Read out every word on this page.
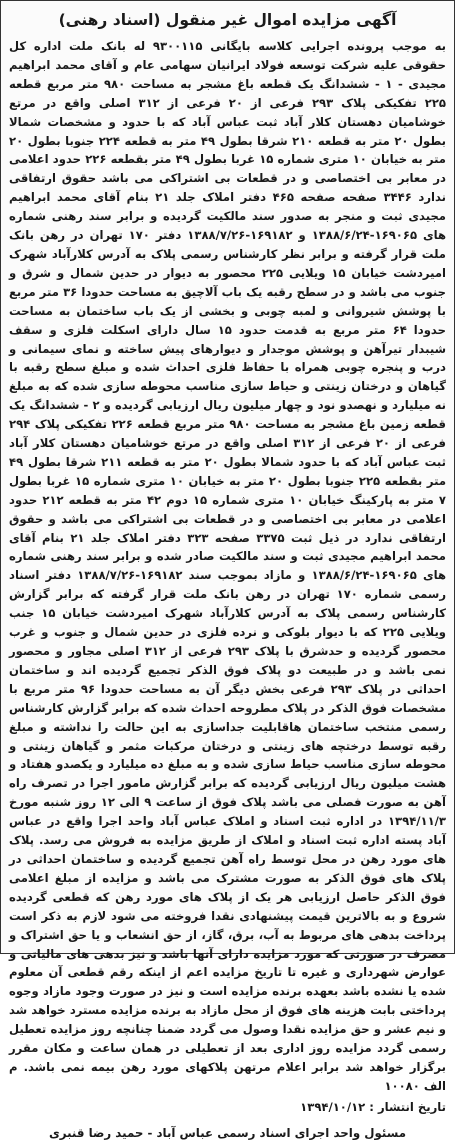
آگهی مزایده اموال غیر منقول (اسناد رهنی)

به موجب پرونده اجرایی کلاسه بایگانی ۹۳۰۰۱۱۵ له بانک ملت اداره کل حقوقی علیه شرکت توسعه فولاد ایرانیان سهامی عام و آقای محمد ابراهیم مجیدی - ۱ - ششدانگ یک قطعه باغ مشجر به مساحت ۹۸۰ متر مربع قطعه ۲۲۵ تفکیکی پلاک ۲۹۳ فرعی از ۲۰ فرعی از ۳۱۲ اصلی واقع در مرتع خوشامیان دهستان کلار آباد ثبت عباس آباد که با حدود و مشخصات شمالا بطول ۲۰ متر به قطعه ۲۱۰ شرقا بطول ۴۹ متر به قطعه ۲۲۴ جنوبا بطول ۲۰ متر به خیابان ۱۰ متری شماره ۱۵ غربا بطول ۴۹ متر بقطعه ۲۲۶ حدود اعلامی در معابر بی اختصاصی و در قطعات بی اشتراکی می باشد حقوق ارتفاقی ندارد ۳۴۴۶ صفحه صفحه ۴۶۵ دفتر املاک جلد ۲۱ بنام آقای محمد ابراهیم مجیدی ثبت و منجر به صدور سند مالکیت گردیده و برابر سند رهنی شماره های ۱۶۹۰۶۵-۱۳۸۸/۶/۲۴ و ۱۶۹۱۸۲-۱۳۸۸/۷/۲۶ دفتر ۱۷۰ تهران در رهن بانک ملت قرار گرفته و برابر نظر کارشناس رسمی پلاک به آدرس کلارآباد شهرک امیردشت خیابان ۱۵ ویلایی ۲۲۵ محصور به دیوار در حدین شمال و شرق و جنوب می باشد و در سطح رقبه یک باب آلاچیق به مساحت حدودا ۳۶ متر مربع با پوشش شیروانی و لمبه چوبی و بخشی از یک باب ساختمان به مساحت حدودا ۶۴ متر مربع به قدمت حدود ۱۵ سال دارای اسکلت فلزی و سقف شیبدار تیرآهن و پوشش موجدار و دیوارهای پیش ساخته و نمای سیمانی و درب و پنجره چوبی همراه با حفاظ فلزی احداث شده و مبلغ سطح رقبه با گیاهان و درختان زینتی و حیاط سازی مناسب محوطه سازی شده که به مبلغ نه میلیارد و نهصدو نود و چهار میلیون ریال ارزیابی گردیده و ۲ - ششدانگ یک قطعه زمین باغ مشجر به مساحت ۹۸۰ متر مربع قطعه ۲۲۶ تفکیکی پلاک ۲۹۴ فرعی از ۲۰ فرعی از ۳۱۲ اصلی واقع در مرتع خوشامیان دهستان کلار آباد ثبت عباس آباد که با حدود شمالا بطول ۲۰ متر به قطعه ۲۱۱ شرقا بطول ۴۹ متر بقطعه ۲۲۵ جنوبا بطول ۲۰ متر به خیابان ۱۰ متری شماره ۱۵ غربا بطول ۷ متر به پارکینگ خیابان ۱۰ متری شماره ۱۵ دوم ۴۲ متر به قطعه ۲۱۲ حدود اعلامی در معابر بی اختصاصی و در قطعات بی اشتراکی می باشد و حقوق ارتفاقی ندارد در ذیل ثبت ۳۳۷۵ صفحه ۳۲۳ دفتر املاک جلد ۲۱ بنام آقای محمد ابراهیم مجیدی ثبت و سند مالکیت صادر شده و برابر سند رهنی شماره های ۱۶۹۰۶۵-۱۳۸۸/۶/۲۴ و مازاد بموجب سند ۱۶۹۱۸۲-۱۳۸۸/۷/۲۶ دفتر اسناد رسمی شماره ۱۷۰ تهران در رهن بانک ملت قرار گرفته که برابر گزارش کارشناس رسمی پلاک به آدرس کلارآباد شهرک امیردشت خیابان ۱۵ جنب ویلایی ۲۲۵ که با دیوار بلوکی و نرده فلزی در حدین شمال و جنوب و غرب محصور گردیده و حدشرق با پلاک ۲۹۳ فرعی از ۳۱۲ اصلی مجاور و محصور نمی باشد و در طبیعت دو پلاک فوق الذکر تجمیع گردیده اند و ساختمان احداثی در پلاک ۲۹۳ فرعی بخش دیگر آن به مساحت حدودا ۹۶ متر مربع با مشخصات فوق الذکر در پلاک مطروحه احداث شده که برابر گزارش کارشناس رسمی منتخب ساختمان هاقابلیت جداسازی به این حالت را نداشته و مبلغ رقبه توسط درختچه های زینتی و درختان مرکبات مثمر و گیاهان زینتی و محوطه سازی مناسب حیاط سازی شده و به مبلغ ده میلیارد و یکصدو هفتاد و هشت میلیون ریال ارزیابی گردیده که برابر گزارش مامور اجرا در تصرف راه آهن به صورت فصلی می باشد پلاک فوق از ساعت ۹ الی ۱۲ روز شنبه مورخ ۱۳۹۴/۱۱/۳ در اداره ثبت اسناد و املاک عباس آباد واحد اجرا واقع در عباس آباد پسته اداره ثبت اسناد و املاک از طریق مزایده به فروش می رسد. پلاک های مورد رهن در محل توسط راه آهن تجمیع گردیده و ساختمان احداثی در پلاک های فوق الذکر به صورت مشترک می باشد و مزایده از مبلغ اعلامی فوق الذکر حاصل ارزیابی هر یک از پلاک های مورد رهن که قطعی گردیده شروع و به بالاترین قیمت پیشنهادی نقدا فروخته می شود لازم به ذکر است پرداخت بدهی های مربوط به آب، برق، گاز، از حق انشعاب و یا حق اشتراک و مصرف در صورتی که مورد مزایده دارای آنها باشد و نیز بدهی های مالیاتی و عوارض شهرداری و غیره تا تاریخ مزایده اعم از اینکه رقم قطعی آن معلوم شده یا نشده باشد بعهده برنده مزایده است و نیز در صورت وجود مازاد وجوه پرداختی بابت هزینه های فوق از محل مازاد به برنده مزایده مسترد خواهد شد و نیم عشر و حق مزایده نقدا وصول می گردد ضمنا چنانچه روز مزایده تعطیل رسمی گردد مزایده روز اداری بعد از تعطیلی در همان ساعت و مکان مقرر برگزار خواهد شد برابر اعلام مرتهن پلاکهای مورد رهن بیمه نمی باشد. م الف ۱۰۰۸۰

تاریخ انتشار : ۱۳۹۴/۱۰/۱۲
مسئول واحد اجرای اسناد رسمی عباس آباد - حمید رضا قنبری
